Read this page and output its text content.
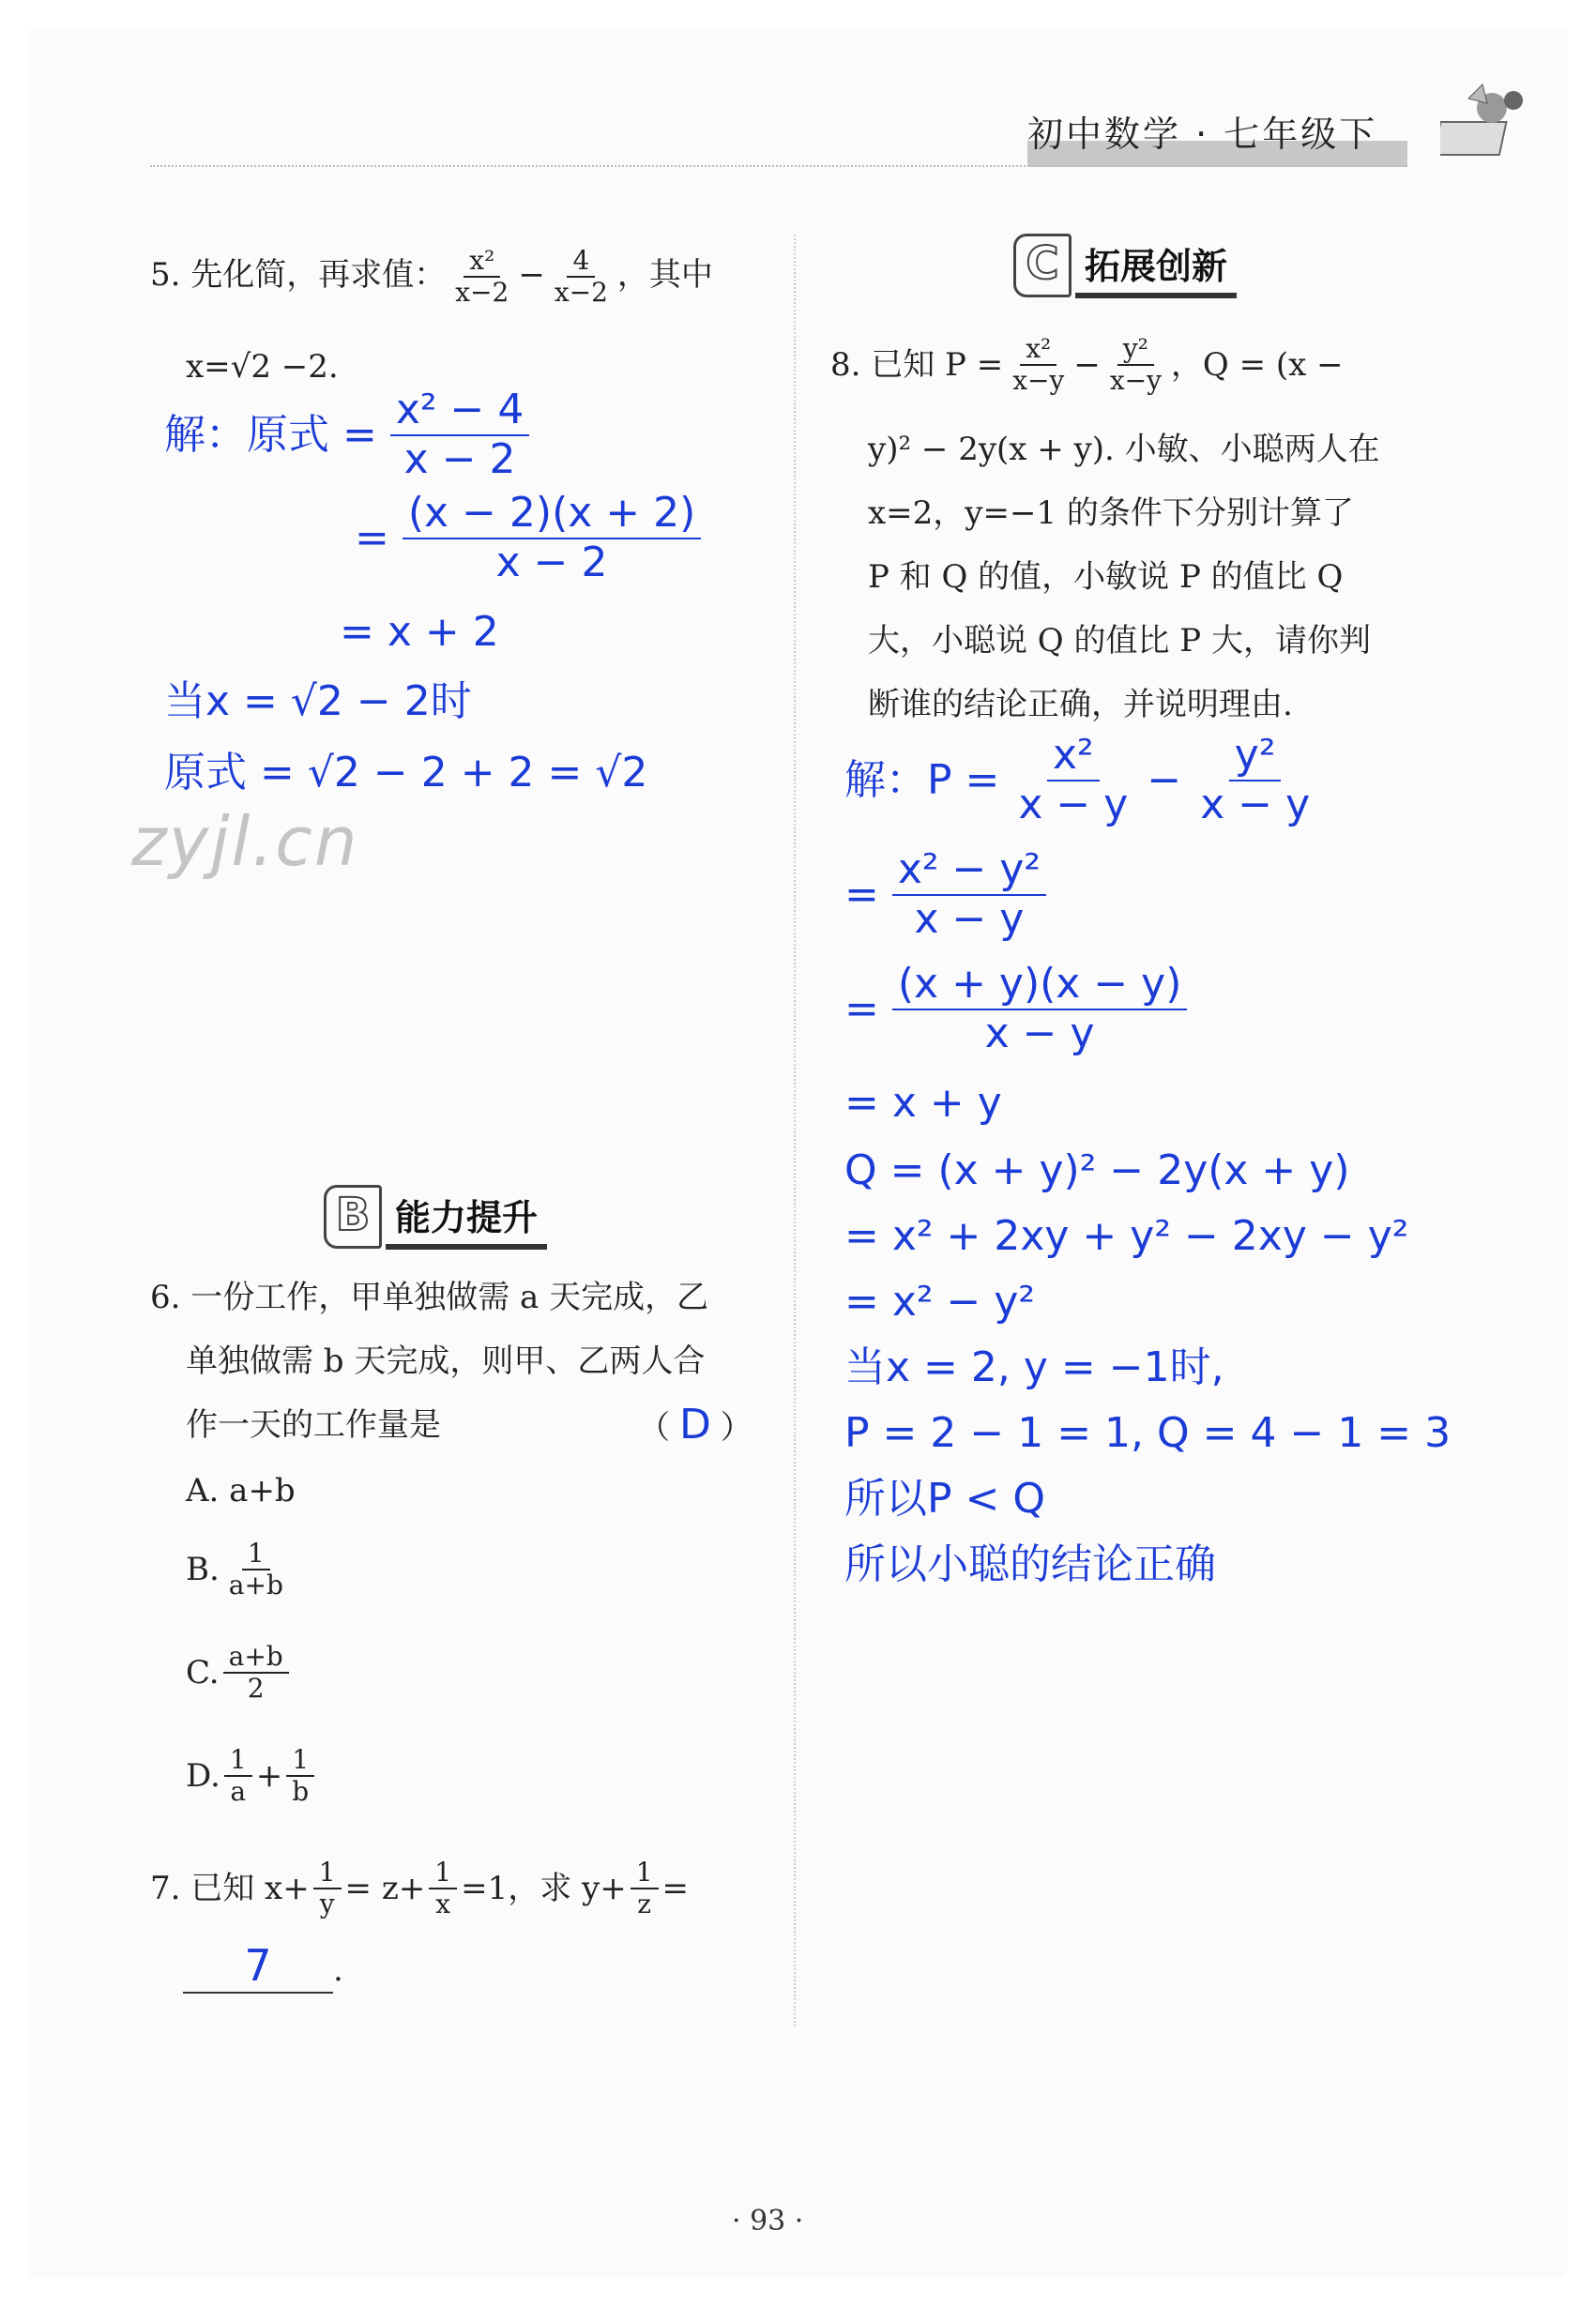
初中数学 · 七年级下
5. 先化简，再求值： $\frac{\text{x²}}{x-2} - \frac{4}{x-2}$ ，其中
x=√2 −2.
解：原式 = $\frac{\text{x² − 4}}{x - 2}$
= $\frac{(x - 2)(x + 2)}{x - 2}$
= x + 2
当x = √2 − 2时
原式 = √2 − 2 + 2 = √2
zyjl.cn
B 能力提升
6. 一份工作，甲单独做需 a 天完成，乙
单独做需 b 天完成，则甲、乙两人合
作一天的工作量是	（ D ）
A. a+b
B. $\frac{1}{a+b}$
C. $\frac{a+b}{2}$
D. $\frac{1}{a} + \frac{1}{b}$
7. 已知 $x+ \frac{1}{y} = z+ \frac{1}{x} =1$，求 $y+ \frac{1}{z}$ =
7 .
C 拓展创新
8. 已知 $P = \frac{\text{x²}}{x-y} - \frac{\text{y²}}{x-y}$ ，Q = (x −
y)² − 2y(x + y). 小敏、小聪两人在
x=2，y=−1 的条件下分别计算了
P 和 Q 的值，小敏说 P 的值比 Q
大，小聪说 Q 的值比 P 大，请你判
断谁的结论正确，并说明理由.
解：$P = \frac{\text{x²}}{x - y} - \frac{\text{y²}}{x - y}$
= $\frac{\text{x² − y²}}{x - y}$
= $\frac{(x + y)(x - y)}{x - y}$
= x + y
Q = (x + y)² − 2y(x + y)
= x² + 2xy + y² − 2xy − y²
= x² − y²
当x = 2, y = −1时,
P = 2 − 1 = 1, Q = 4 − 1 = 3
所以P < Q
所以小聪的结论正确
· 93 ·
